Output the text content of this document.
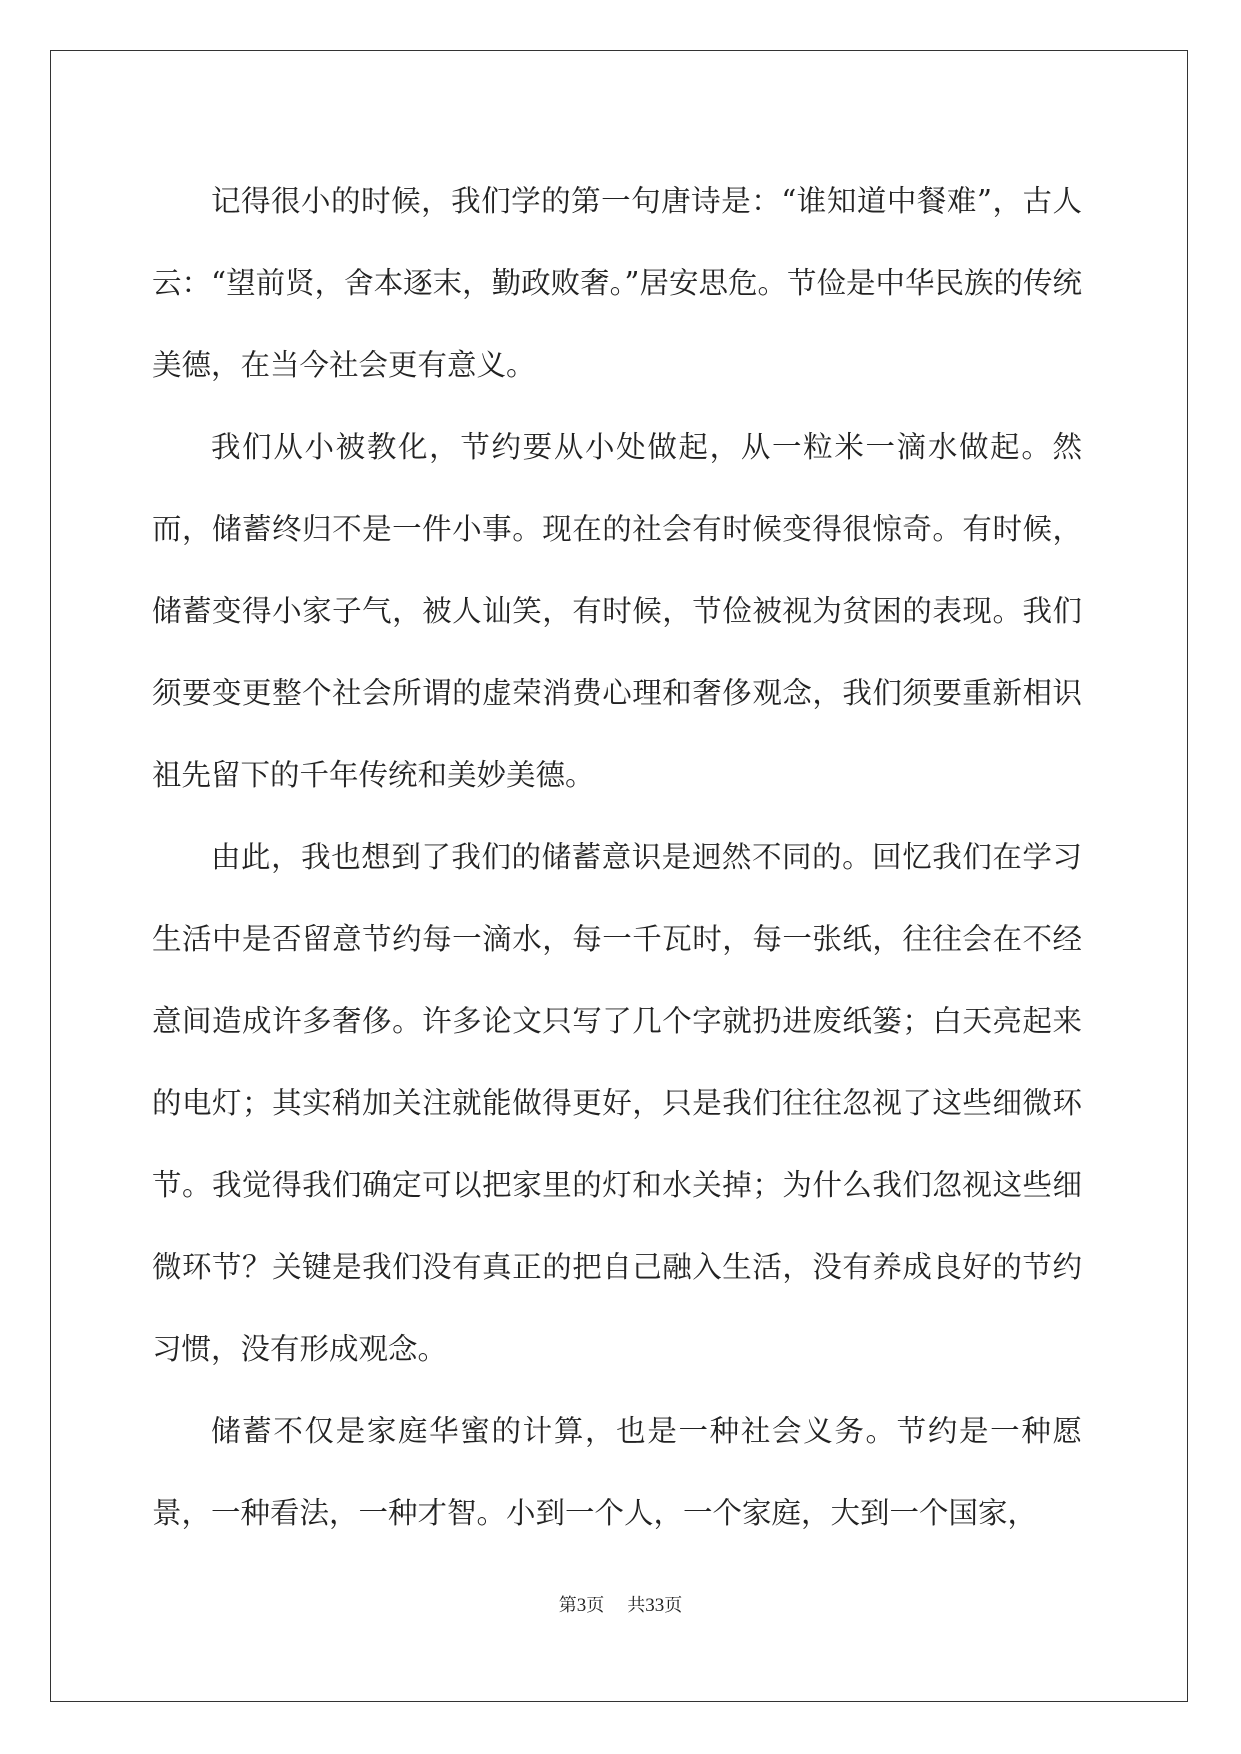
记得很小的时候，我们学的第一句唐诗是：“谁知道中餐难”，古人云：“望前贤，舍本逐末，勤政败奢。”居安思危。节俭是中华民族的传统美德，在当今社会更有意义。

我们从小被教化，节约要从小处做起，从一粒米一滴水做起。然而，储蓄终归不是一件小事。现在的社会有时候变得很惊奇。有时候，储蓄变得小家子气，被人讪笑，有时候，节俭被视为贫困的表现。我们须要变更整个社会所谓的虚荣消费心理和奢侈观念，我们须要重新相识祖先留下的千年传统和美妙美德。

由此，我也想到了我们的储蓄意识是迥然不同的。回忆我们在学习生活中是否留意节约每一滴水，每一千瓦时，每一张纸，往往会在不经意间造成许多奢侈。许多论文只写了几个字就扔进废纸篓；白天亮起来的电灯；其实稍加关注就能做得更好，只是我们往往忽视了这些细微环节。我觉得我们确定可以把家里的灯和水关掉；为什么我们忽视这些细微环节？关键是我们没有真正的把自己融入生活，没有养成良好的节约习惯，没有形成观念。

储蓄不仅是家庭华蜜的计算，也是一种社会义务。节约是一种愿景，一种看法，一种才智。小到一个人，一个家庭，大到一个国家，

第3页 共33页
